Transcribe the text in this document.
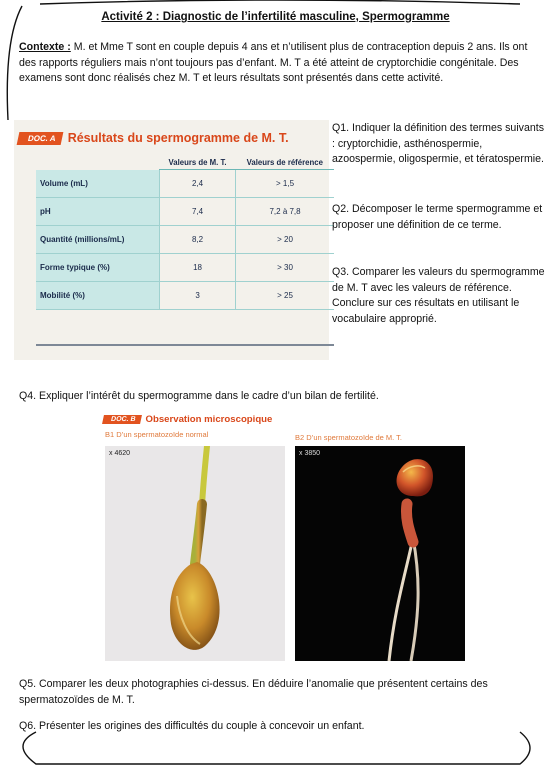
Activité 2 : Diagnostic de l’infertilité masculine, Spermogramme
Contexte : M. et Mme T sont en couple depuis 4 ans et n’utilisent plus de contraception depuis 2 ans. Ils ont des rapports réguliers mais n’ont toujours pas d’enfant. M. T a été atteint de cryptorchidie congénitale. Des examens sont donc réalisés chez M. T et leurs résultats sont présentés dans cette activité.
DOC. A Résultats du spermogramme de M. T.
	Valeurs de M. T.	Valeurs de référence
Volume (mL)	2,4	> 1,5
pH	7,4	7,2 à 7,8
Quantité (millions/mL)	8,2	> 20
Forme typique (%)	18	> 30
Mobilité (%)	3	> 25
Q1. Indiquer la définition des termes suivants : cryptorchidie, asthénospermie, azoospermie, oligospermie, et tératospermie.
Q2. Décomposer le terme spermogramme et proposer une définition de ce terme.
Q3. Comparer les valeurs du spermogramme de M. T avec les valeurs de référence. Conclure sur ces résultats en utilisant le vocabulaire approprié.
Q4. Expliquer l’intérêt du spermogramme dans le cadre d’un bilan de fertilité.
DOC. B Observation microscopique
B1 D’un spermatozoïde normal	B2 D’un spermatozoïde de M. T.
x 4620	x 3850
Q5. Comparer les deux photographies ci-dessus. En déduire l’anomalie que présentent certains des spermatozoïdes de M. T.
Q6. Présenter les origines des difficultés du couple à concevoir un enfant.
